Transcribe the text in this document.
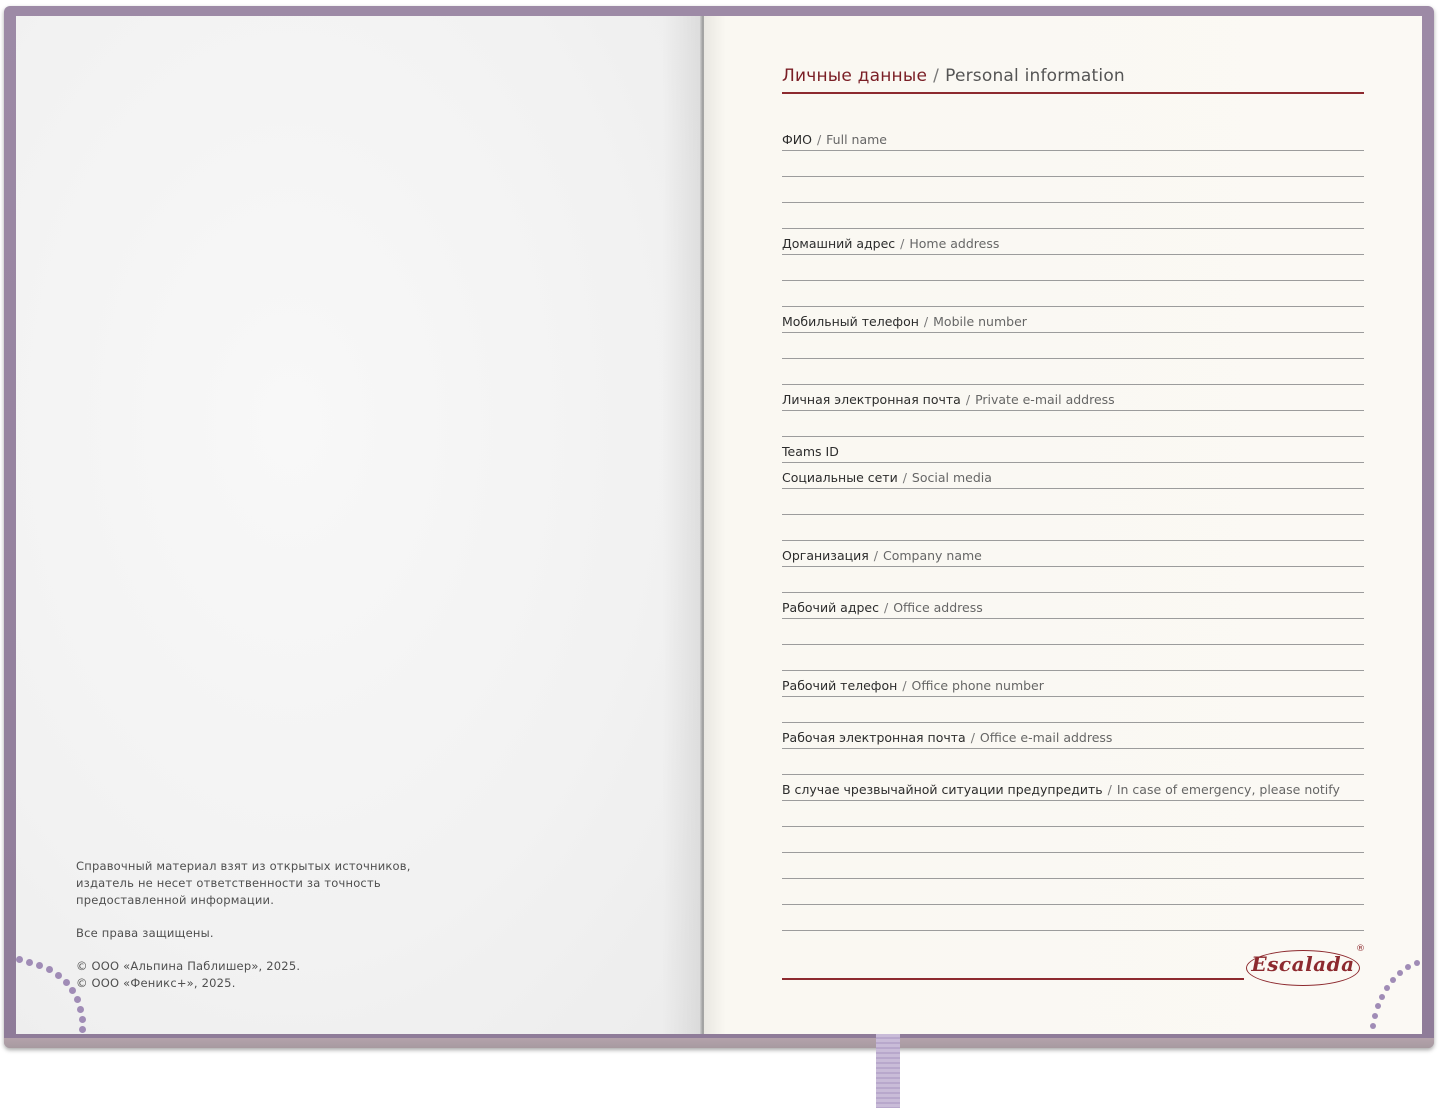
Справочный материал взят из открытых источников,
издатель не несет ответственности за точность
предоставленной информации.
Все права защищены.
© ООО «Альпина Паблишер», 2025.
© ООО «Феникс+», 2025.
Личные данные / Personal information
ФИО / Full name
Домашний адрес / Home address
Мобильный телефон / Mobile number
Личная электронная почта / Private e-mail address
Teams ID
Социальные сети / Social media
Организация / Company name
Рабочий адрес / Office address
Рабочий телефон / Office phone number
Рабочая электронная почта / Office e-mail address
В случае чрезвычайной ситуации предупредить / In case of emergency, please notify
Escalada
®
